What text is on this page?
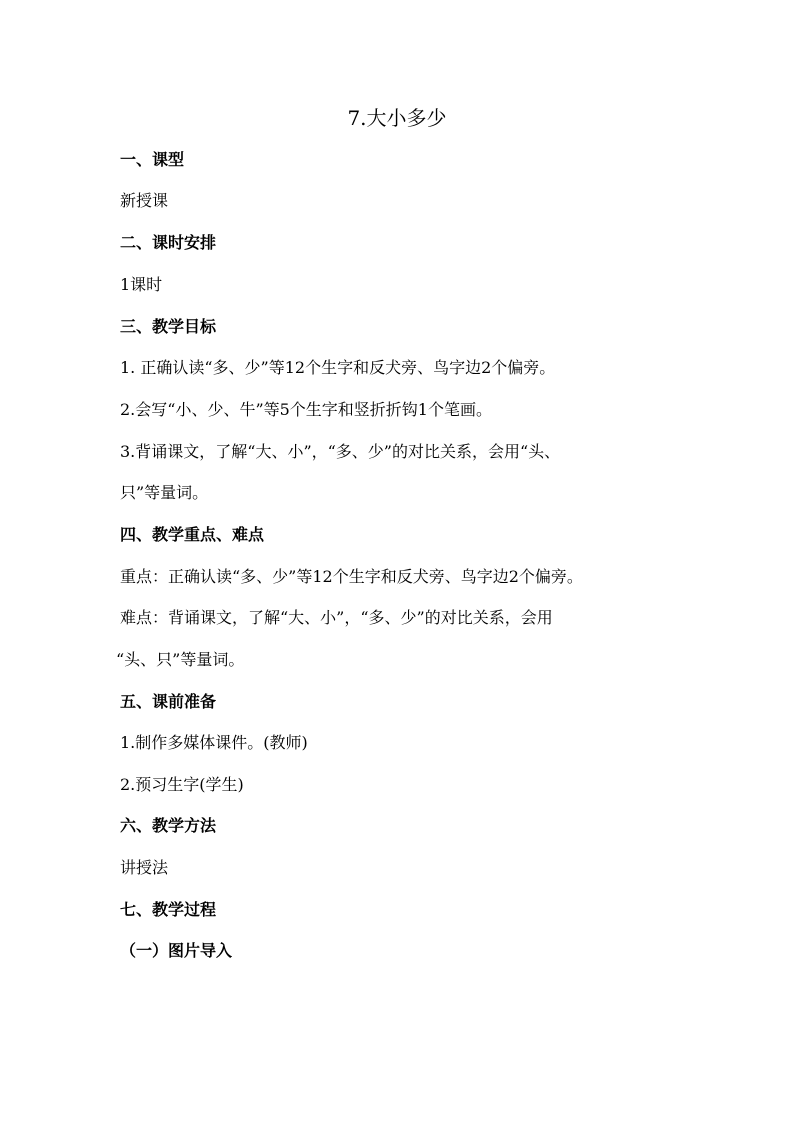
7.大小多少
一、课型
新授课
二、课时安排
1课时
三、教学目标
1. 正确认读“多、少”等12个生字和反犬旁、鸟字边2个偏旁。
2.会写“小、少、牛”等5个生字和竖折折钩1个笔画。
3.背诵课文，了解“大、小”，“多、少”的对比关系，会用“头、
只”等量词。
四、教学重点、难点
重点：正确认读“多、少”等12个生字和反犬旁、鸟字边2个偏旁。
难点：背诵课文，了解“大、小”，“多、少”的对比关系，会用
“头、只”等量词。
五、课前准备
1.制作多媒体课件。(教师)
2.预习生字(学生)
六、教学方法
讲授法
七、教学过程
（一）图片导入
